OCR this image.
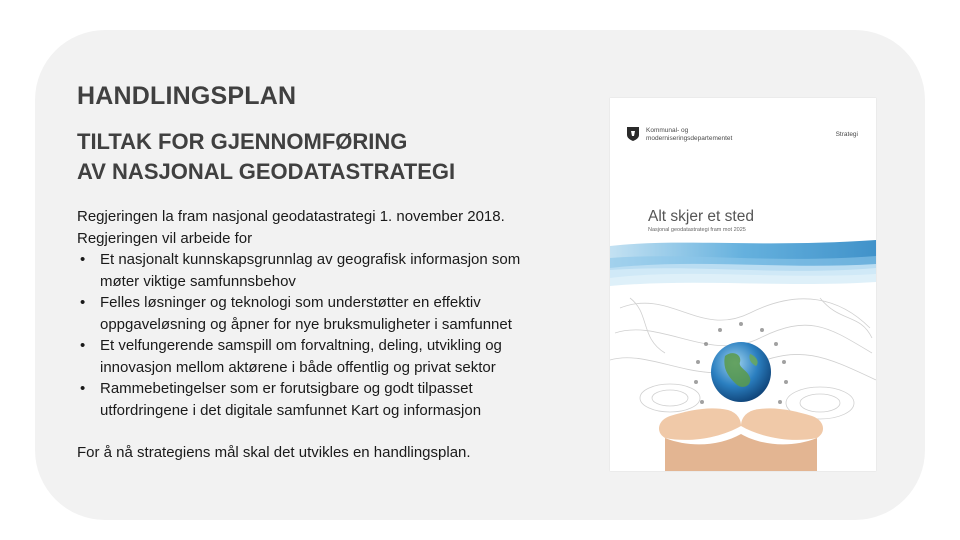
HANDLINGSPLAN
TILTAK FOR GJENNOMFØRING
AV NASJONAL GEODATASTRATEGI

Regjeringen la fram nasjonal geodatastrategi 1. november 2018.

Regjeringen vil arbeide for

• Et nasjonalt kunnskapsgrunnlag av geografisk informasjon som
møter viktige samfunnsbehov
• Felles løsninger og teknologi som understøtter en effektiv
oppgaveløsning og åpner for nye bruksmuligheter i samfunnet
• Et velfungerende samspill om forvaltning, deling, utvikling og
innovasjon mellom aktørene i både offentlig og privat sektor
• Rammebetingelser som er forutsigbare og godt tilpasset
utfordringene i det digitale samfunnet Kart og informasjon

For å nå strategiens mål skal det utvikles en handlingsplan.

Kommunal- og
moderniseringsdepartementet
Strategi
Alt skjer et sted
Nasjonal geodatastrategi fram mot 2025
